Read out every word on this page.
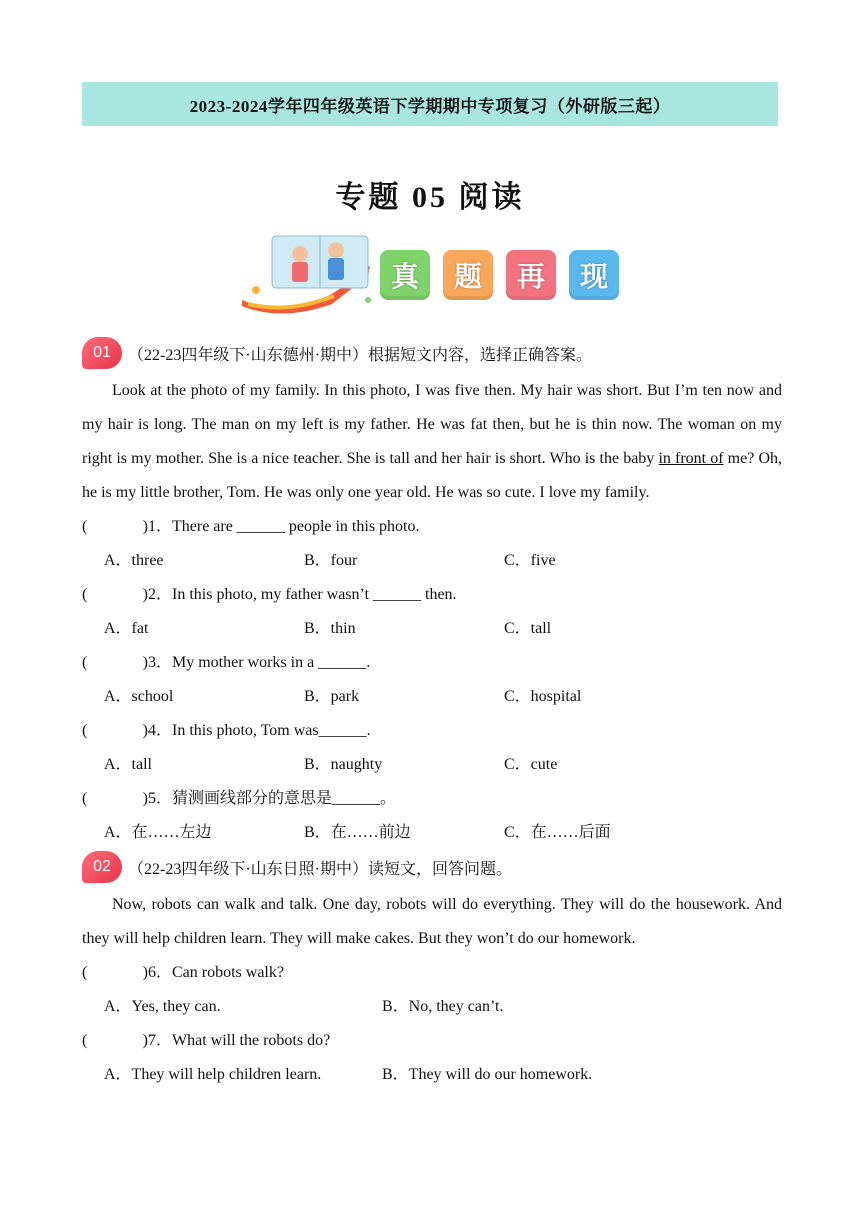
2023-2024学年四年级英语下学期期中专项复习（外研版三起）
专题 05 阅读
真 题 再 现
01	（22-23四年级下·山东德州·期中）根据短文内容，选择正确答案。

Look at the photo of my family. In this photo, I was five then. My hair was short. But I’m ten now and my hair is long. The man on my left is my father. He was fat then, but he is thin now. The woman on my right is my mother. She is a nice teacher. She is tall and her hair is short. Who is the baby in front of me? Oh, he is my little brother, Tom. He was only one year old. He was so cute. I love my family.

(	)1． There are ______ people in this photo.
A．three	B．four	C．five
(	)2． In this photo, my father wasn’t ______ then.
A．fat	B．thin	C．tall
(	)3． My mother works in a ______.
A．school	B．park	C．hospital
(	)4． In this photo, Tom was______.
A．tall	B．naughty	C．cute
(	)5． 猜测画线部分的意思是______。
A．在……左边	B．在……前边	C．在……后面
02	（22-23四年级下·山东日照·期中）读短文，回答问题。

Now, robots can walk and talk. One day, robots will do everything. They will do the housework. And they will help children learn. They will make cakes. But they won’t do our homework.

(	)6． Can robots walk?
A．Yes, they can.	B．No, they can’t.
(	)7． What will the robots do?
A．They will help children learn.	B．They will do our homework.
